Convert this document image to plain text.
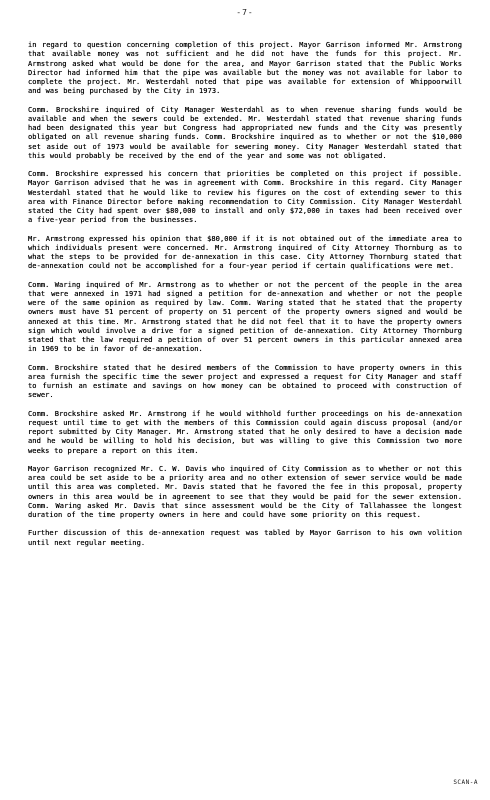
-7-

in regard to question concerning completion of this project. Mayor Garrison informed Mr. Armstrong that available money was not sufficient and he did not have the funds for this project. Mr. Armstrong asked what would be done for the area, and Mayor Garrison stated that the Public Works Director had informed him that the pipe was available but the money was not available for labor to complete the project. Mr. Westerdahl noted that pipe was available for extension of Whippoorwill and was being purchased by the City in 1973.

Comm. Brockshire inquired of City Manager Westerdahl as to when revenue sharing funds would be available and when the sewers could be extended. Mr. Westerdahl stated that revenue sharing funds had been designated this year but Congress had appropriated new funds and the City was presently obligated on all revenue sharing funds. Comm. Brockshire inquired as to whether or not the $10,000 set aside out of 1973 would be available for sewering money. City Manager Westerdahl stated that this would probably be received by the end of the year and some was not obligated.

Comm. Brockshire expressed his concern that priorities be completed on this project if possible. Mayor Garrison advised that he was in agreement with Comm. Brockshire in this regard. City Manager Westerdahl stated that he would like to review his figures on the cost of extending sewer to this area with Finance Director before making recommendation to City Commission. City Manager Westerdahl stated the City had spent over $80,000 to install and only $72,000 in taxes had been received over a five-year period from the businesses.

Mr. Armstrong expressed his opinion that $80,000 if it is not obtained out of the immediate area to which individuals present were concerned. Mr. Armstrong inquired of City Attorney Thornburg as to what the steps to be provided for de-annexation in this case. City Attorney Thornburg stated that de-annexation could not be accomplished for a four-year period if certain qualifications were met.

Comm. Waring inquired of Mr. Armstrong as to whether or not the percent of the people in the area that were annexed in 1971 had signed a petition for de-annexation and whether or not the people were of the same opinion as required by law. Comm. Waring stated that he stated that the property owners must have 51 percent of property on 51 percent of the property owners signed and would be annexed at this time. Mr. Armstrong stated that he did not feel that it to have the property owners sign which would involve a drive for a signed petition of de-annexation. City Attorney Thornburg stated that the law required a petition of over 51 percent owners in this particular annexed area in 1969 to be in favor of de-annexation.

Comm. Brockshire stated that he desired members of the Commission to have property owners in this area furnish the specific time the sewer project and expressed a request for City Manager and staff to furnish an estimate and savings on how money can be obtained to proceed with construction of sewer.

Comm. Brockshire asked Mr. Armstrong if he would withhold further proceedings on his de-annexation request until time to get with the members of this Commission could again discuss proposal (and/or report submitted by City Manager. Mr. Armstrong stated that he only desired to have a decision made and he would be willing to hold his decision, but was willing to give this Commission two more weeks to prepare a report on this item.

Mayor Garrison recognized Mr. C. W. Davis who inquired of City Commission as to whether or not this area could be set aside to be a priority area and no other extension of sewer service would be made until this area was completed. Mr. Davis stated that he favored the fee in this proposal, property owners in this area would be in agreement to see that they would be paid for the sewer extension. Comm. Waring asked Mr. Davis that since assessment would be the City of Tallahassee the longest duration of the time property owners in here and could have some priority on this request.

Further discussion of this de-annexation request was tabled by Mayor Garrison to his own volition until next regular meeting.

SCAN-A
